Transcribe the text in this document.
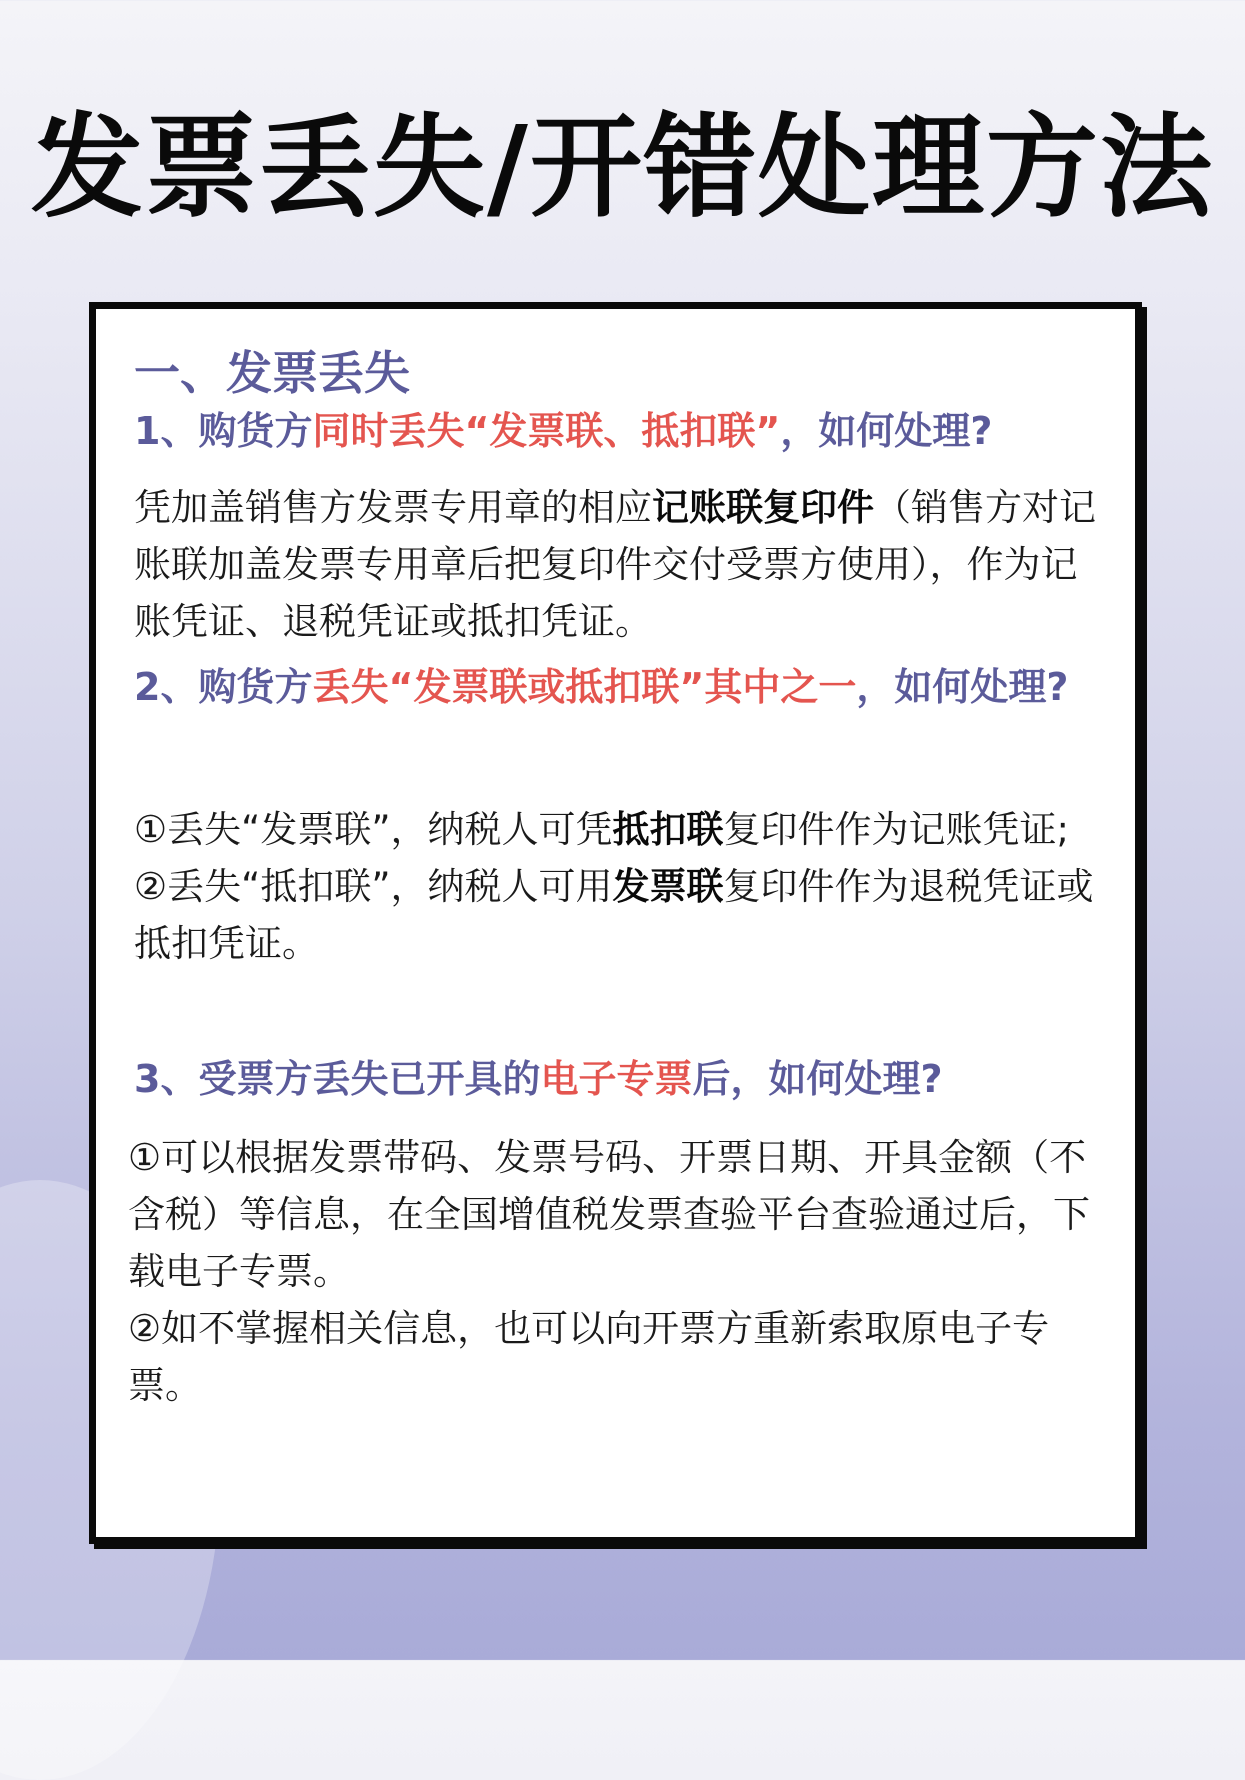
发票丢失/开错处理方法
一、发票丢失
1、购货方同时丢失“发票联、抵扣联”，如何处理?

凭加盖销售方发票专用章的相应记账联复印件（销售方对记账联加盖发票专用章后把复印件交付受票方使用），作为记账凭证、退税凭证或抵扣凭证。

2、购货方丢失“发票联或抵扣联”其中之一，如何处理?

①丢失“发票联”，纳税人可凭抵扣联复印件作为记账凭证;

②丢失“抵扣联”，纳税人可用发票联复印件作为退税凭证或抵扣凭证。

3、受票方丢失已开具的电子专票后，如何处理?

①可以根据发票带码、发票号码、开票日期、开具金额（不含税）等信息，在全国增值税发票查验平台查验通过后，下载电子专票。

②如不掌握相关信息，也可以向开票方重新索取原电子专票。
